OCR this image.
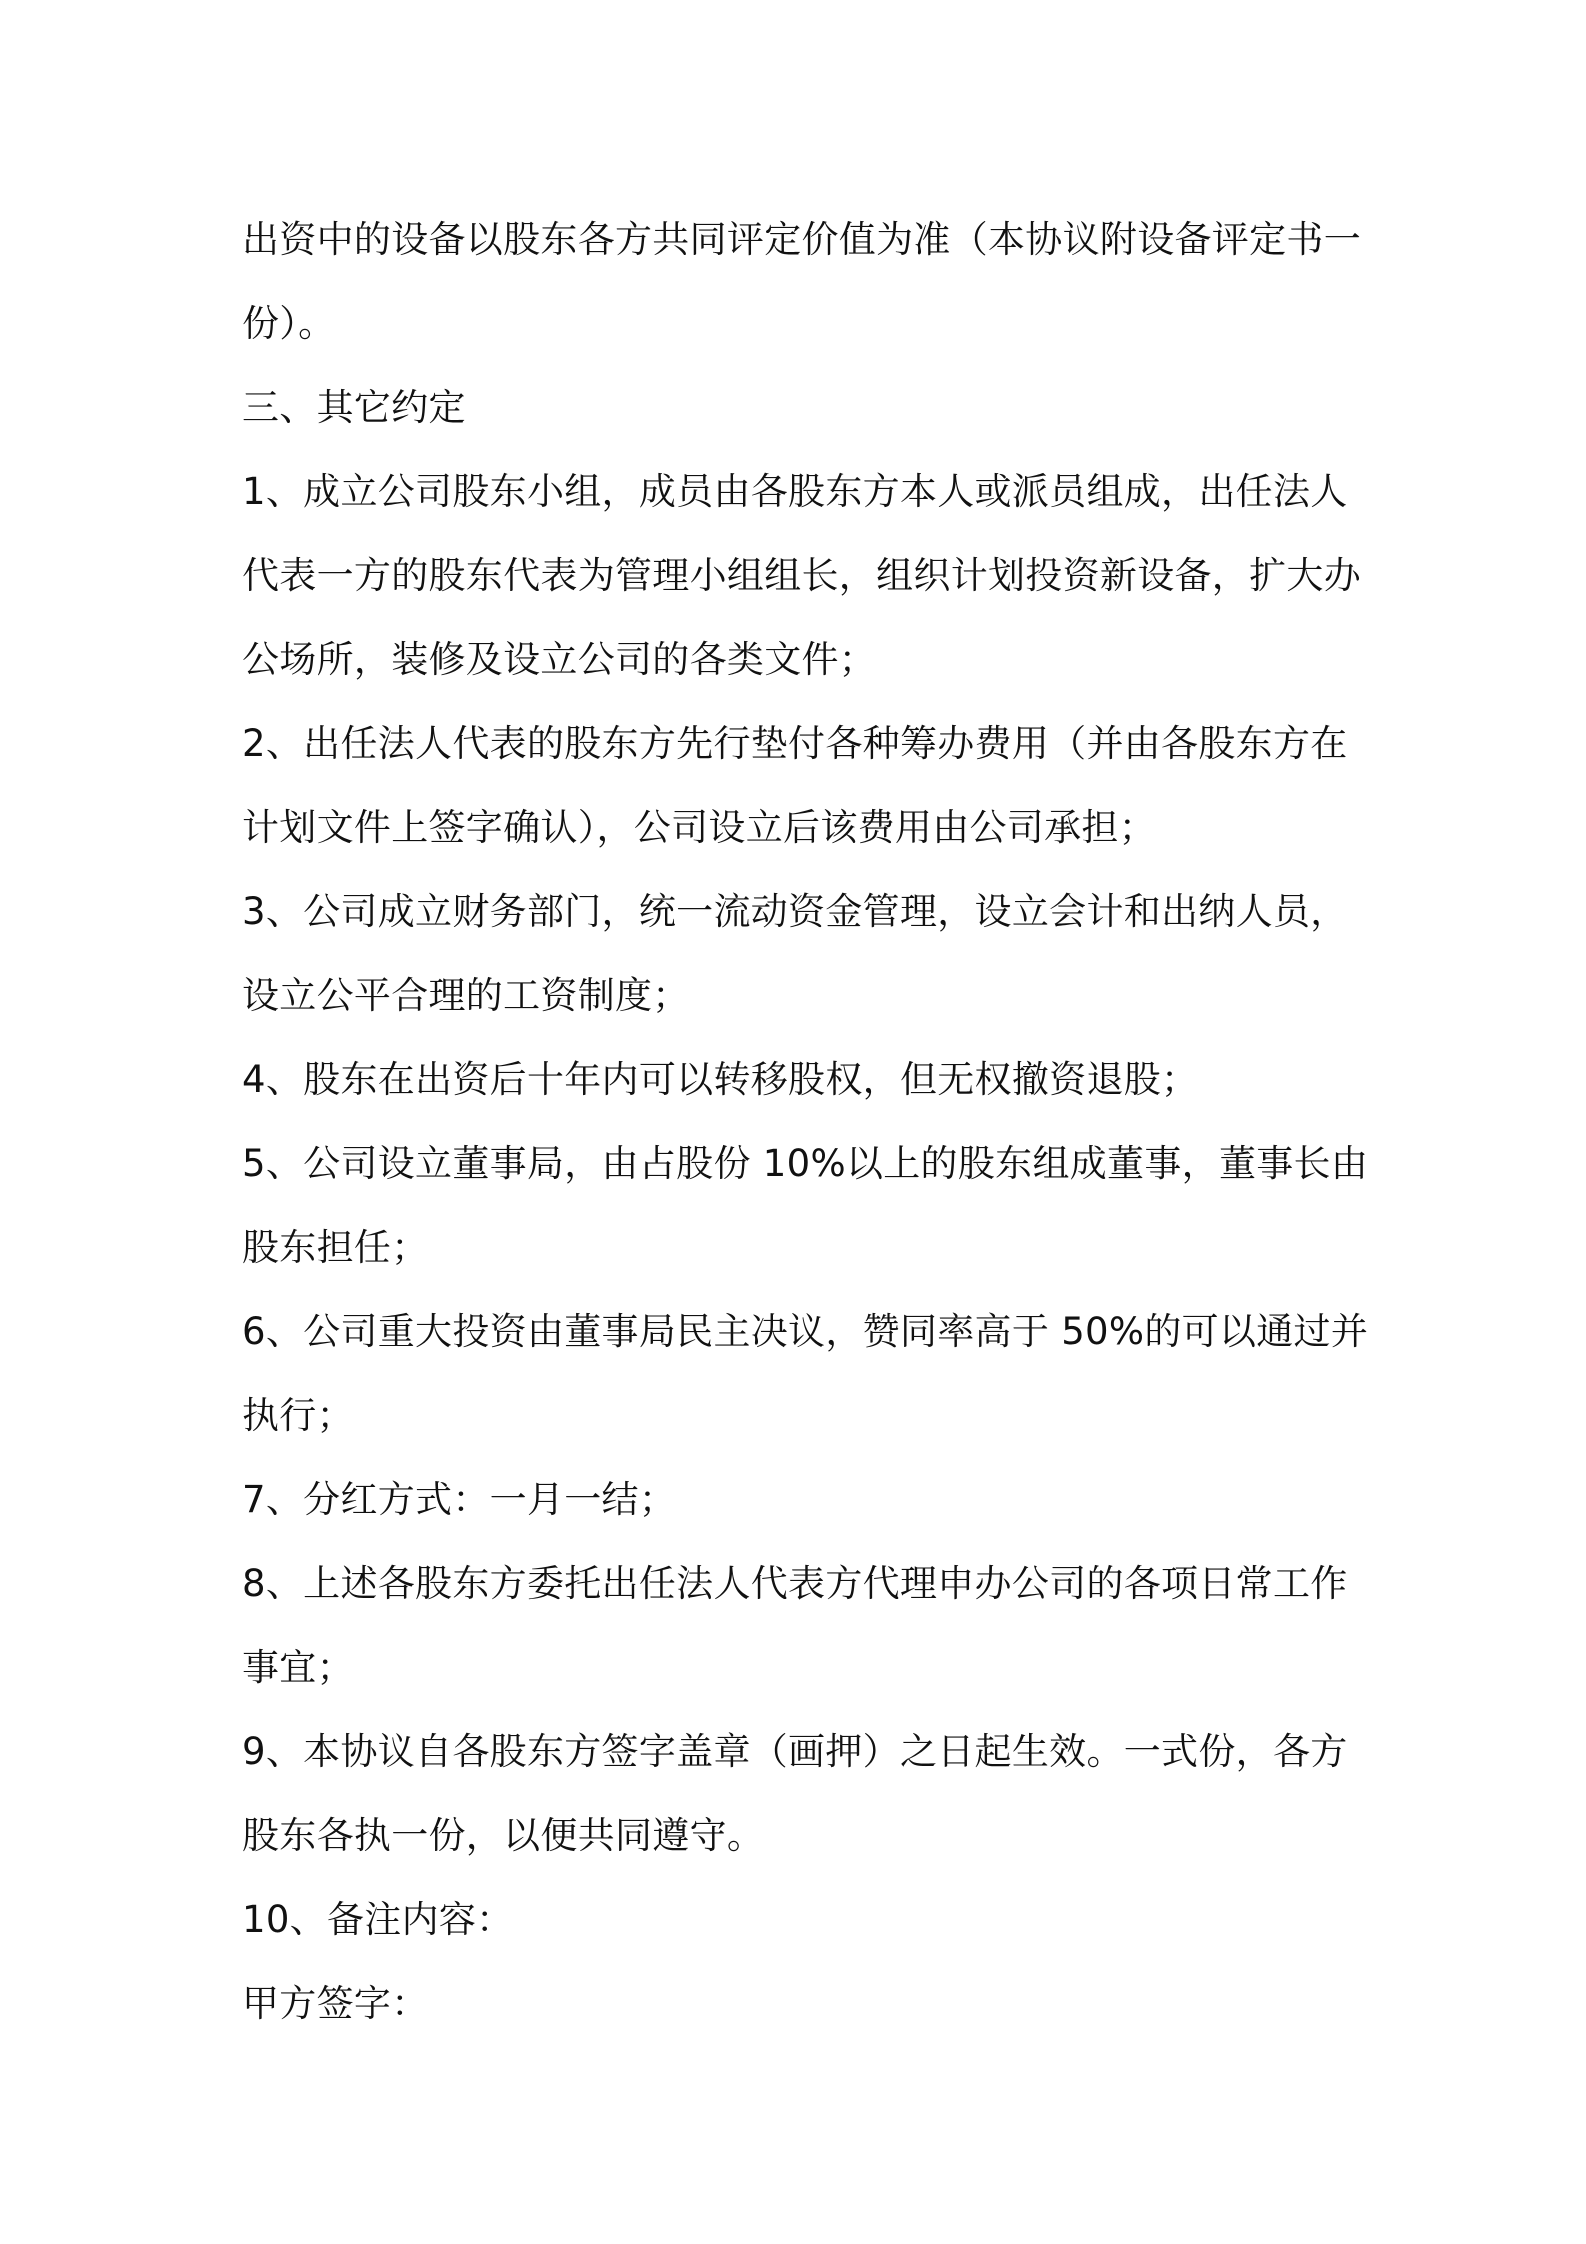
出资中的设备以股东各方共同评定价值为准（本协议附设备评定书一
份）。
三、其它约定
1、成立公司股东小组，成员由各股东方本人或派员组成，出任法人
代表一方的股东代表为管理小组组长，组织计划投资新设备，扩大办
公场所，装修及设立公司的各类文件；
2、出任法人代表的股东方先行垫付各种筹办费用（并由各股东方在
计划文件上签字确认），公司设立后该费用由公司承担；
3、公司成立财务部门，统一流动资金管理，设立会计和出纳人员，
设立公平合理的工资制度；
4、股东在出资后十年内可以转移股权，但无权撤资退股；
5、公司设立董事局，由占股份 10%以上的股东组成董事，董事长由
股东担任；
6、公司重大投资由董事局民主决议，赞同率高于 50%的可以通过并
执行；
7、分红方式：一月一结；
8、上述各股东方委托出任法人代表方代理申办公司的各项日常工作
事宜；
9、本协议自各股东方签字盖章（画押）之日起生效。一式份，各方
股东各执一份，以便共同遵守。
10、备注内容：
甲方签字：
